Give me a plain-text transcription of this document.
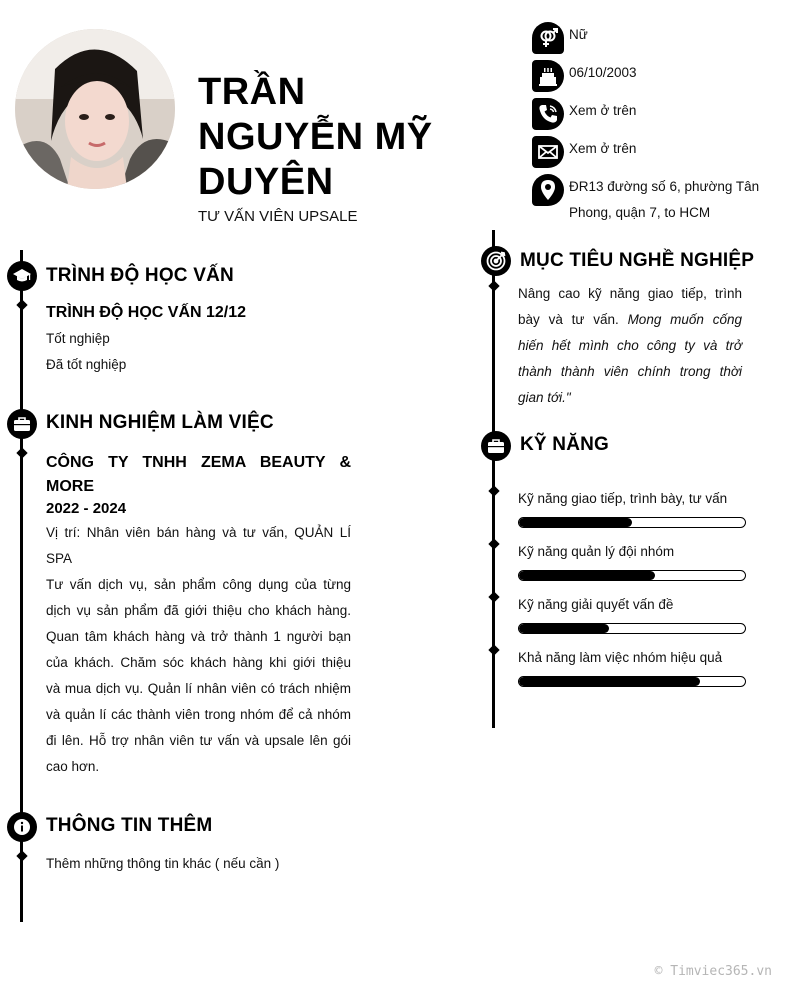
TRẦN
NGUYỄN MỸ
DUYÊN
TƯ VẤN VIÊN UPSALE
Nữ
06/10/2003
Xem ở trên
Xem ở trên
ĐR13 đường số 6, phường Tân
Phong, quận 7, to HCM
TRÌNH ĐỘ HỌC VẤN
TRÌNH ĐỘ HỌC VẤN 12/12
Tốt nghiệp
Đã tốt nghiệp
KINH NGHIỆM LÀM VIỆC
CÔNG TY TNHH ZEMA BEAUTY &
MORE
2022 - 2024
Vị trí: Nhân viên bán hàng và tư vấn, QUẢN LÍ
SPA
Tư vấn dịch vụ, sản phẩm công dụng của từng
dịch vụ sản phẩm đã giới thiệu cho khách hàng.
Quan tâm khách hàng và trở thành 1 người bạn
của khách. Chăm sóc khách hàng khi giới thiệu
và mua dịch vụ. Quản lí nhân viên có trách nhiệm
và quản lí các thành viên trong nhóm để cả nhóm
đi lên. Hỗ trợ nhân viên tư vấn và upsale lên gói
cao hơn.
THÔNG TIN THÊM
Thêm những thông tin khác ( nếu cần )
MỤC TIÊU NGHỀ NGHIỆP
Nâng cao kỹ năng giao tiếp, trình
bày và tư vấn. Mong muốn cống
hiến hết mình cho công ty và trở
thành thành viên chính trong thời
gian tới."
KỸ NĂNG
Kỹ năng giao tiếp, trình bày, tư vấn
Kỹ năng quản lý đội nhóm
Kỹ năng giải quyết vấn đề
Khả năng làm việc nhóm hiệu quả
© Timviec365.vn
